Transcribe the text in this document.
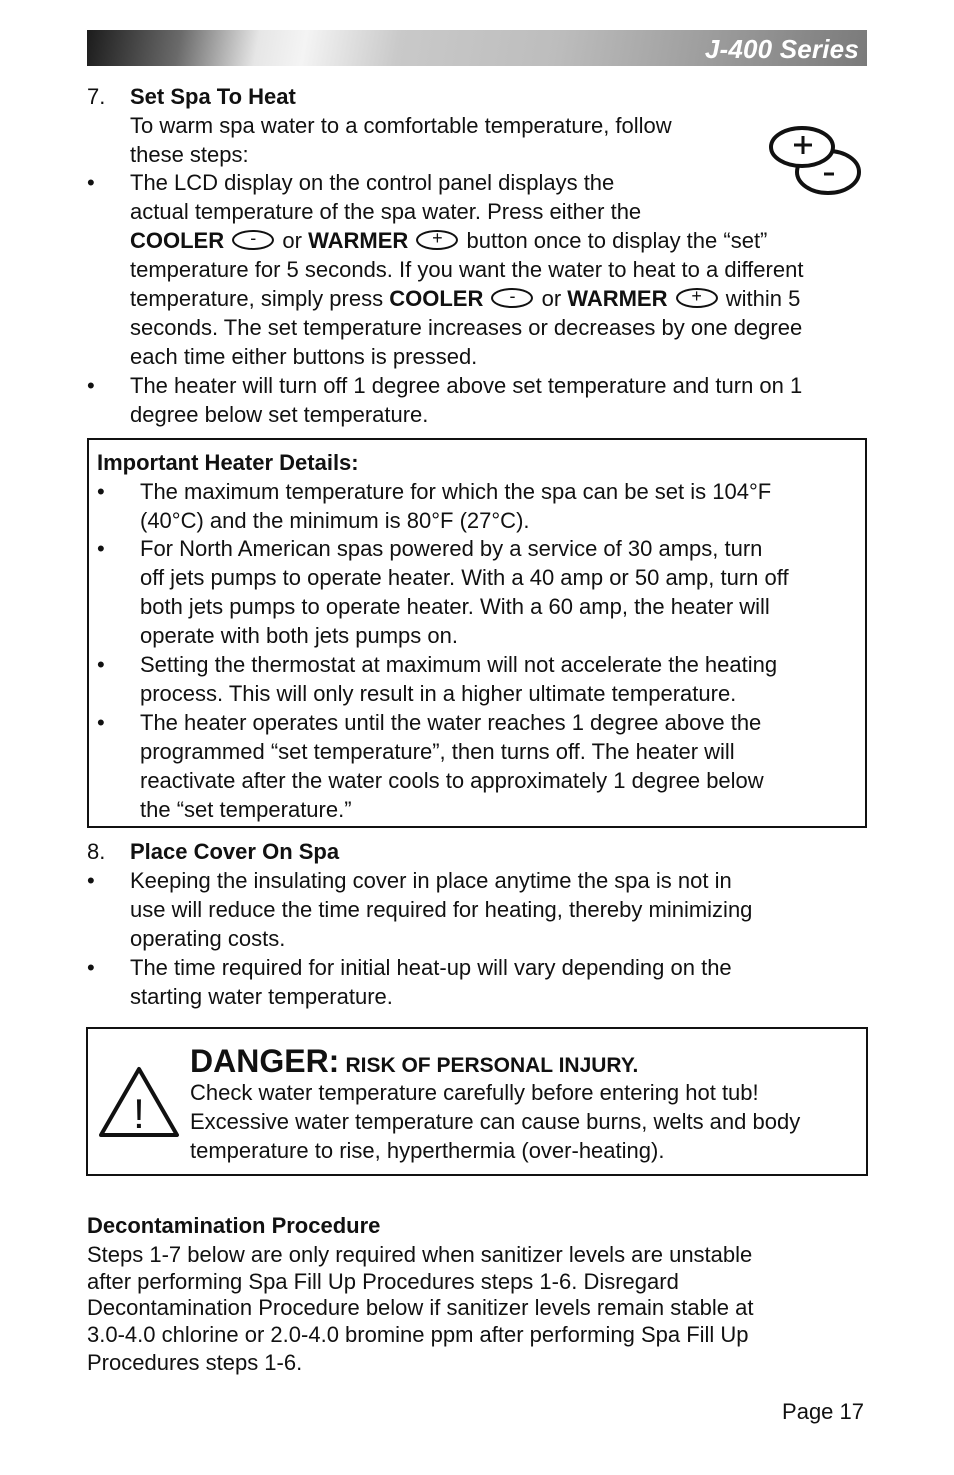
J-400 Series
7. Set Spa To Heat
To warm spa water to a comfortable temperature, follow
these steps:
• The LCD display on the control panel displays the
actual temperature of the spa water. Press either the
COOLER	-	or WARMER	+	button once to display the “set”
temperature for 5 seconds. If you want the water to heat to a different
temperature, simply press COOLER	-	or WARMER	+	within 5
seconds. The set temperature increases or decreases by one degree
each time either buttons is pressed.
• The heater will turn off 1 degree above set temperature and turn on 1
degree below set temperature.
Important Heater Details:
• The maximum temperature for which the spa can be set is 104°F
(40°C) and the minimum is 80°F (27°C).
• For North American spas powered by a service of 30 amps, turn
off jets pumps to operate heater. With a 40 amp or 50 amp, turn off
both jets pumps to operate heater. With a 60 amp, the heater will
operate with both jets pumps on.
• Setting the thermostat at maximum will not accelerate the heating
process. This will only result in a higher ultimate temperature.
• The heater operates until the water reaches 1 degree above the
programmed “set temperature”, then turns off. The heater will
reactivate after the water cools to approximately 1 degree below
the “set temperature.”
8. Place Cover On Spa
• Keeping the insulating cover in place anytime the spa is not in
use will reduce the time required for heating, thereby minimizing
operating costs.
• The time required for initial heat-up will vary depending on the
starting water temperature.
!
DANGER: RISK OF PERSONAL INJURY.
Check water temperature carefully before entering hot tub!
Excessive water temperature can cause burns, welts and body
temperature to rise, hyperthermia (over-heating).
Decontamination Procedure
Steps 1-7 below are only required when sanitizer levels are unstable
after performing Spa Fill Up Procedures steps 1-6. Disregard
Decontamination Procedure below if sanitizer levels remain stable at
3.0-4.0 chlorine or 2.0-4.0 bromine ppm after performing Spa Fill Up
Procedures steps 1-6.
Page 17
